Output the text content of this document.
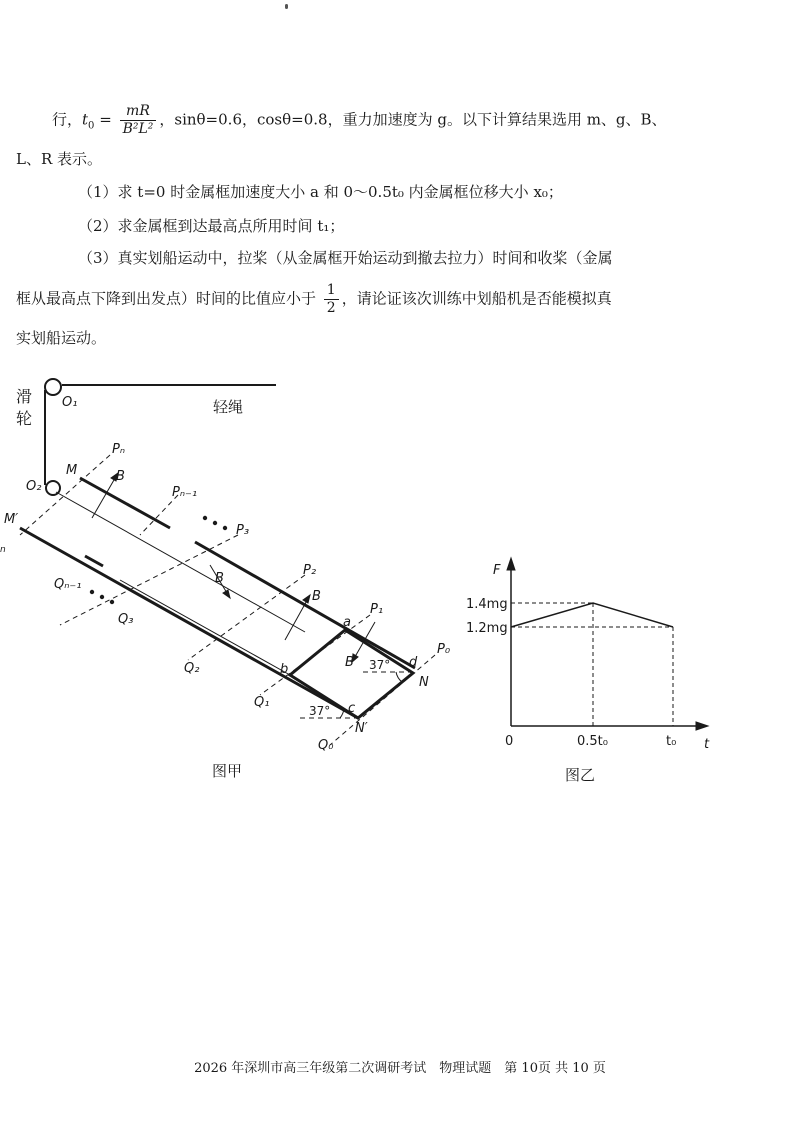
行，$t_0 = \frac{mR}{\text{B²L²}}$ ，sinθ=0.6，cosθ=0.8，重力加速度为 g。以下计算结果选用 m、g、B、
L、R 表示。
（1）求 t=0 时金属框加速度大小 a 和 0～0.5t₀ 内金属框位移大小 x₀；
（2）求金属框到达最高点所用时间 t₁；
（3）真实划船运动中，拉桨（从金属框开始运动到撤去拉力）时间和收桨（金属
框从最高点下降到出发点）时间的比值应小于 $\frac{1}{2}$ ，请论证该次训练中划船机是否能模拟真
实划船运动。
滑
轮
轻绳
O₁
O₂
M
M′
n
Pₙ
Pₙ₋₁
P₃
P₂
P₁
P₀
Qₙ₋₁
Q₃
Q₂
Q₁
Q₀
a
b
c
d
N
N′
B
B
B
B 37°
37°
F
t
1.4mg
1.2mg
0	0.5t₀	t₀
图甲	图乙
2026 年深圳市高三年级第二次调研考试　物理试题　第 10页 共 10 页
